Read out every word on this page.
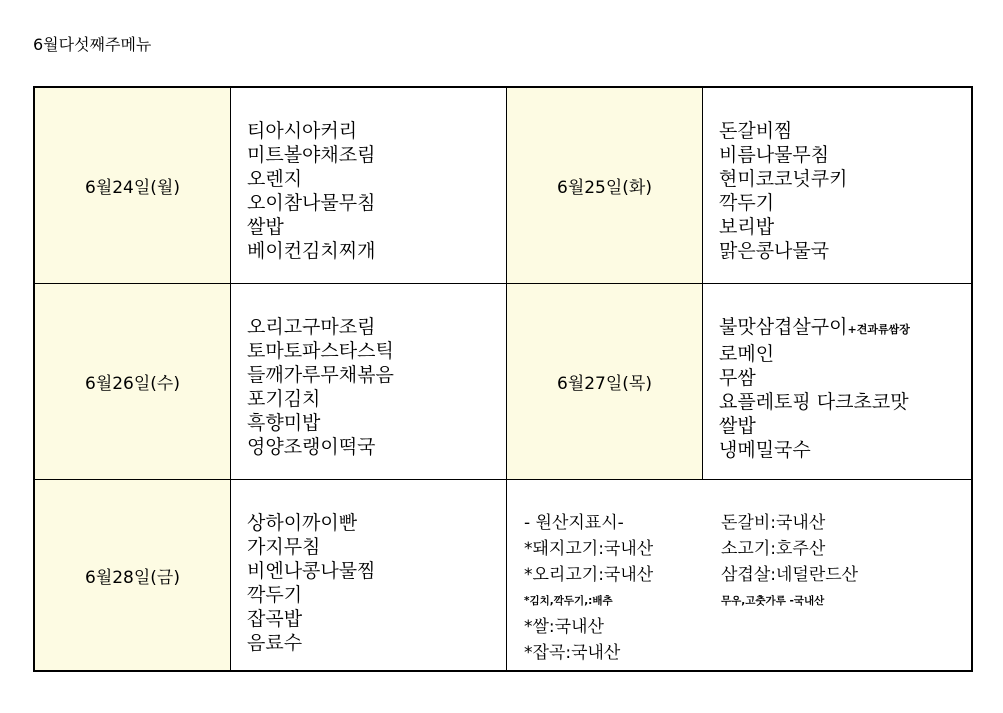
6월다섯째주메뉴
6월24일(월)
티아시아커리
미트볼야채조림
오렌지
오이참나물무침
쌀밥
베이컨김치찌개
6월25일(화)
돈갈비찜
비름나물무침
현미코코넛쿠키
깍두기
보리밥
맑은콩나물국
6월26일(수)
오리고구마조림
토마토파스타스틱
들깨가루무채볶음
포기김치
흑향미밥
영양조랭이떡국
6월27일(목)
불맛삼겹살구이+견과류쌈장
로메인
무쌈
요플레토핑 다크초코맛
쌀밥
냉메밀국수
6월28일(금)
상하이까이빤
가지무침
비엔나콩나물찜
깍두기
잡곡밥
음료수
- 원산지표시-
*돼지고기:국내산
*오리고기:국내산
*김치,깍두기,:배추
*쌀:국내산
*잡곡:국내산
돈갈비:국내산
소고기:호주산
삼겹살:네덜란드산
무우,고춧가루 -국내산
